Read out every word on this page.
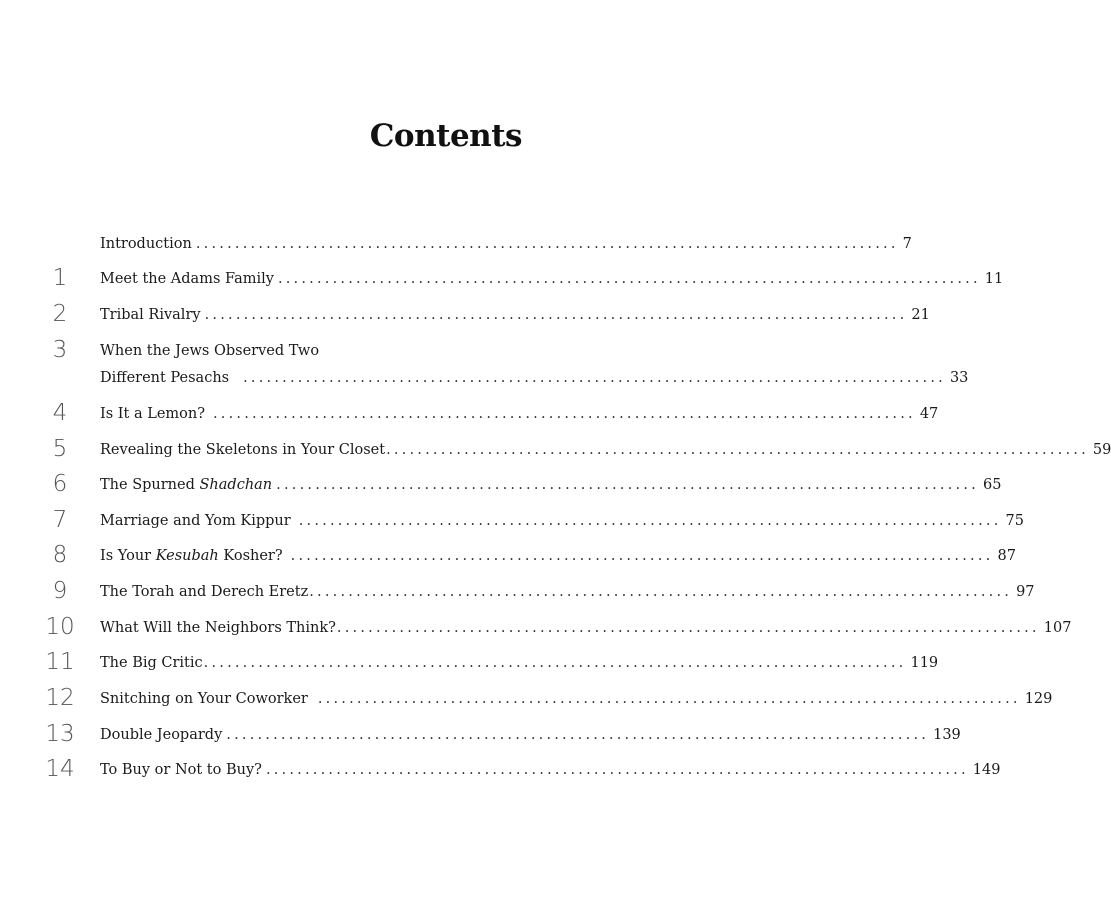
Contents
Introduction .......................................................................................... 7
1	Meet the Adams Family .......................................................................................... 11
2	Tribal Rivalry .......................................................................................... 21
3	When the Jews Observed Two
Different Pesachs .......................................................................................... 33
4	Is It a Lemon? .......................................................................................... 47
5	Revealing the Skeletons in Your Closet .......................................................................................... 59
6	The Spurned Shadchan .......................................................................................... 65
7	Marriage and Yom Kippur .......................................................................................... 75
8	Is Your Kesubah Kosher? .......................................................................................... 87
9	The Torah and Derech Eretz .......................................................................................... 97
10	What Will the Neighbors Think? .......................................................................................... 107
11	The Big Critic .......................................................................................... 119
12	Snitching on Your Coworker .......................................................................................... 129
13	Double Jeopardy .......................................................................................... 139
14	To Buy or Not to Buy? .......................................................................................... 149
